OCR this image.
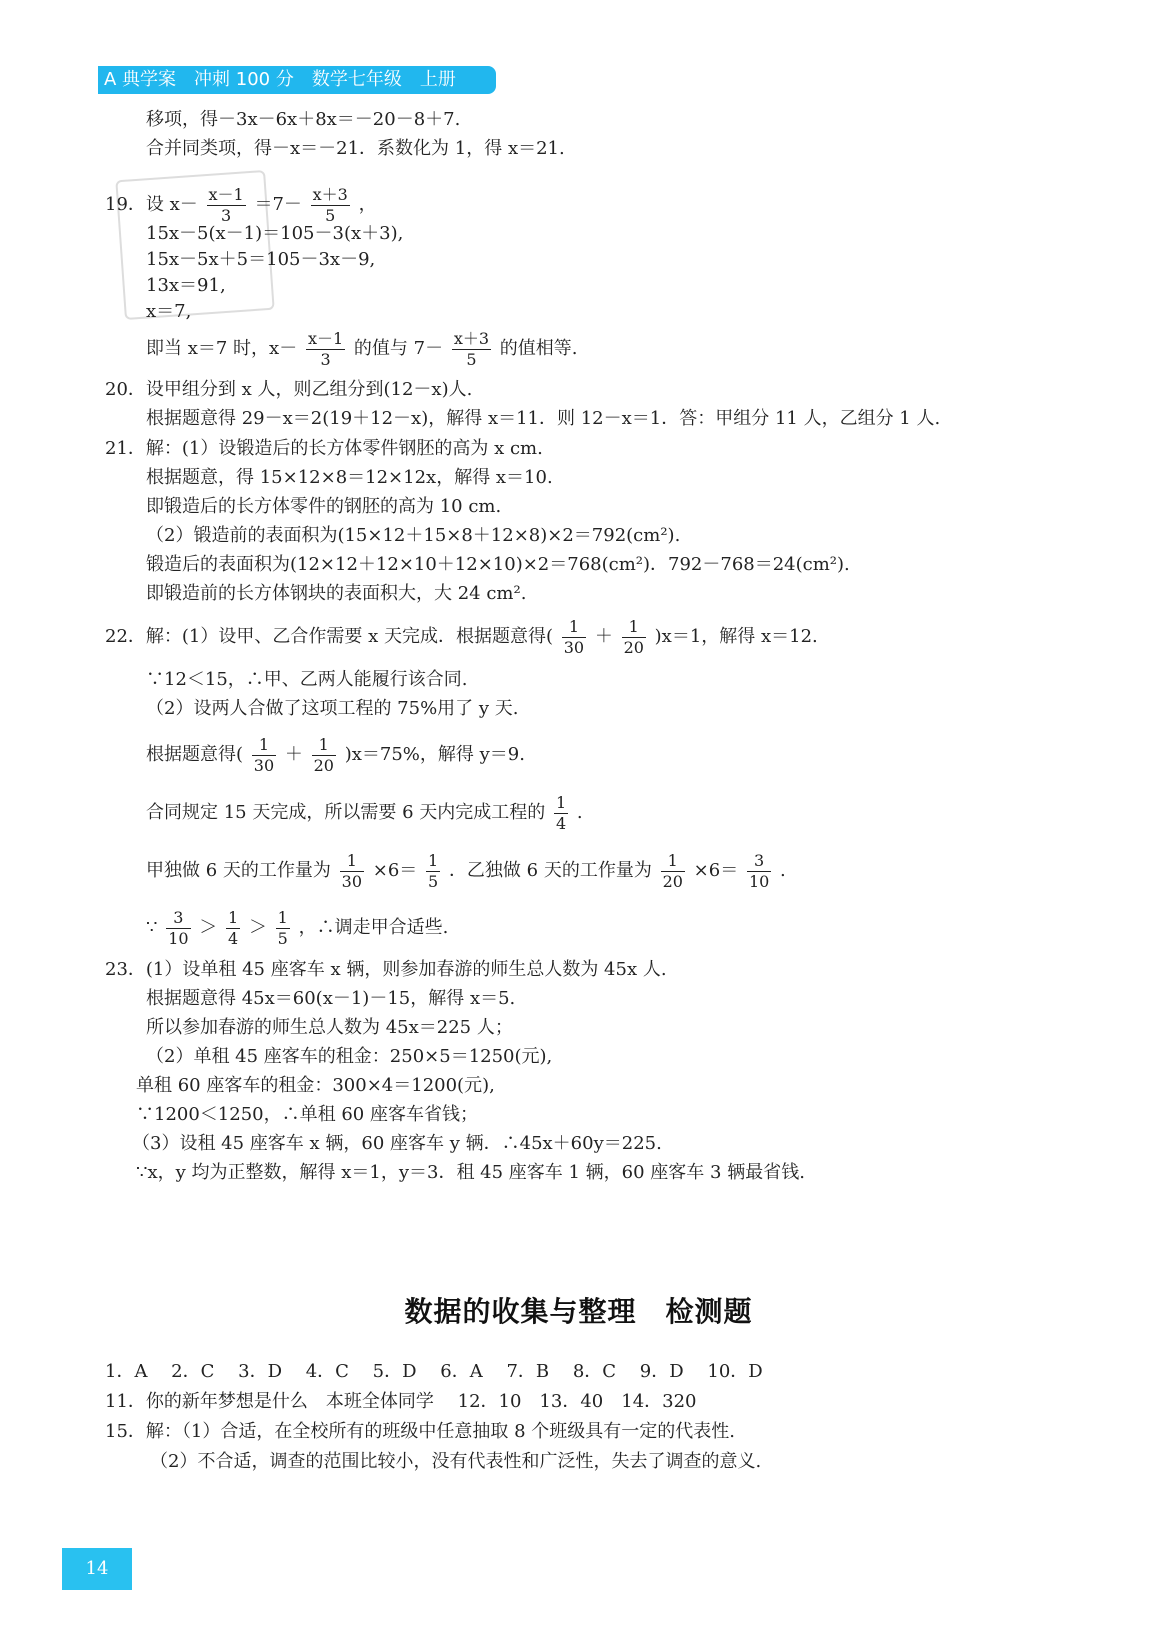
A 典学案　冲刺 100 分　数学七年级　上册
移项，得－3x－6x＋8x＝－20－8＋7.
合并同类项，得－x＝－21．系数化为 1，得 x＝21.
19．设 $x- \frac{x-1}{3} =7- \frac{x+3}{5}$ ，
15x－5(x－1)＝105－3(x＋3),
15x－5x＋5＝105－3x－9,
13x＝91,
x＝7,
即当 x＝7 时，$x- \frac{x-1}{3}$ 的值与 $7- \frac{x+3}{5}$ 的值相等.
20．设甲组分到 x 人，则乙组分到(12－x)人.
根据题意得 29－x＝2(19＋12－x)，解得 x＝11．则 12－x＝1．答：甲组分 11 人，乙组分 1 人.
21．解：(1）设锻造后的长方体零件钢胚的高为 x cm.
根据题意，得 15×12×8＝12×12x，解得 x＝10.
即锻造后的长方体零件的钢胚的高为 10 cm.
（2）锻造前的表面积为(15×12＋15×8＋12×8)×2＝792(cm²).
锻造后的表面积为(12×12＋12×10＋12×10)×2＝768(cm²)．792－768＝24(cm²).
即锻造前的长方体钢块的表面积大，大 24 cm².
22．解：(1）设甲、乙合作需要 x 天完成．根据题意得( $\frac{1}{30} + \frac{1}{20} )x=1$，解得 x＝12.
∵12＜15，∴甲、乙两人能履行该合同.
（2）设两人合做了这项工程的 75%用了 y 天.
根据题意得( $\frac{1}{30} + \frac{1}{20} )x=75\%$，解得 y＝9.
合同规定 15 天完成，所以需要 6 天内完成工程的 $\frac{1}{4}$ .
甲独做 6 天的工作量为 $\frac{1}{30} \times 6= \frac{1}{5}$ ．乙独做 6 天的工作量为 $\frac{1}{20} \times 6= \frac{3}{10}$ .
∵ $\frac{3}{10} > \frac{1}{4} > \frac{1}{5}$ ，∴调走甲合适些.
23．(1）设单租 45 座客车 x 辆，则参加春游的师生总人数为 45x 人.
根据题意得 45x＝60(x－1)－15，解得 x＝5.
所以参加春游的师生总人数为 45x＝225 人；
（2）单租 45 座客车的租金：250×5＝1250(元),
单租 60 座客车的租金：300×4＝1200(元),
∵1200＜1250，∴单租 60 座客车省钱；
（3）设租 45 座客车 x 辆，60 座客车 y 辆．∴45x＋60y＝225.
∵x，y 均为正整数，解得 x＝1，y＝3．租 45 座客车 1 辆，60 座客车 3 辆最省钱.
数据的收集与整理　检测题
1．A　 2．C　 3．D　 4．C　 5．D　 6．A　 7．B　 8．C　 9．D　 10．D
11．你的新年梦想是什么　本班全体同学　 12．10　13．40　14．320
15．解：（1）合适，在全校所有的班级中任意抽取 8 个班级具有一定的代表性.
（2）不合适，调查的范围比较小，没有代表性和广泛性，失去了调查的意义.
14
